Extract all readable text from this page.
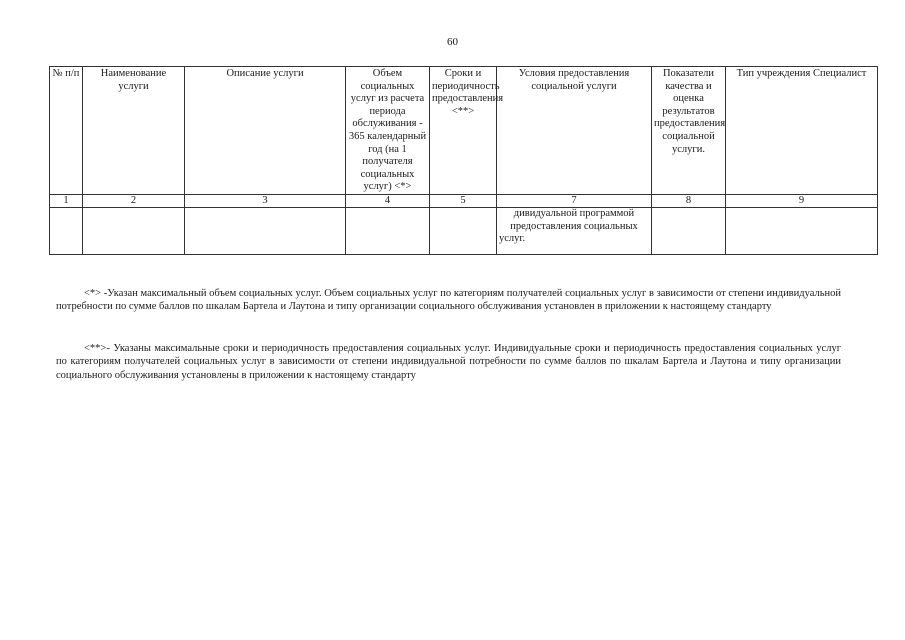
60
№ п/п	Наименование услуги	Описание услуги	Объем социальных услуг из расчета периода обслуживания - 365 календарный год (на 1 получателя социальных услуг) <*>	Сроки и периодичность предоставления <**>	Условия предоставления социальной услуги	Показатели качества и оценка результатов предоставления социальной услуги.	Тип учреждения Специалист
1	2	3	4	5	7	8	9
					дивидуальной программой предоставления социальных услуг.		

<*> -Указан максимальный объем социальных услуг. Объем социальных услуг по категориям получателей социальных услуг в зависимости от степени индивидуальной потребности по сумме баллов по шкалам Бартела и Лаутона и типу организации социального обслуживания установлен в приложении к настоящему стандарту

<**>- Указаны максимальные сроки и периодичность предоставления социальных услуг. Индивидуальные сроки и периодичность предоставления социальных услуг по категориям получателей социальных услуг в зависимости от степени индивидуальной потребности по сумме баллов по шкалам Бартела и Лаутона и типу организации социального обслуживания установлены в приложении к настоящему стандарту
